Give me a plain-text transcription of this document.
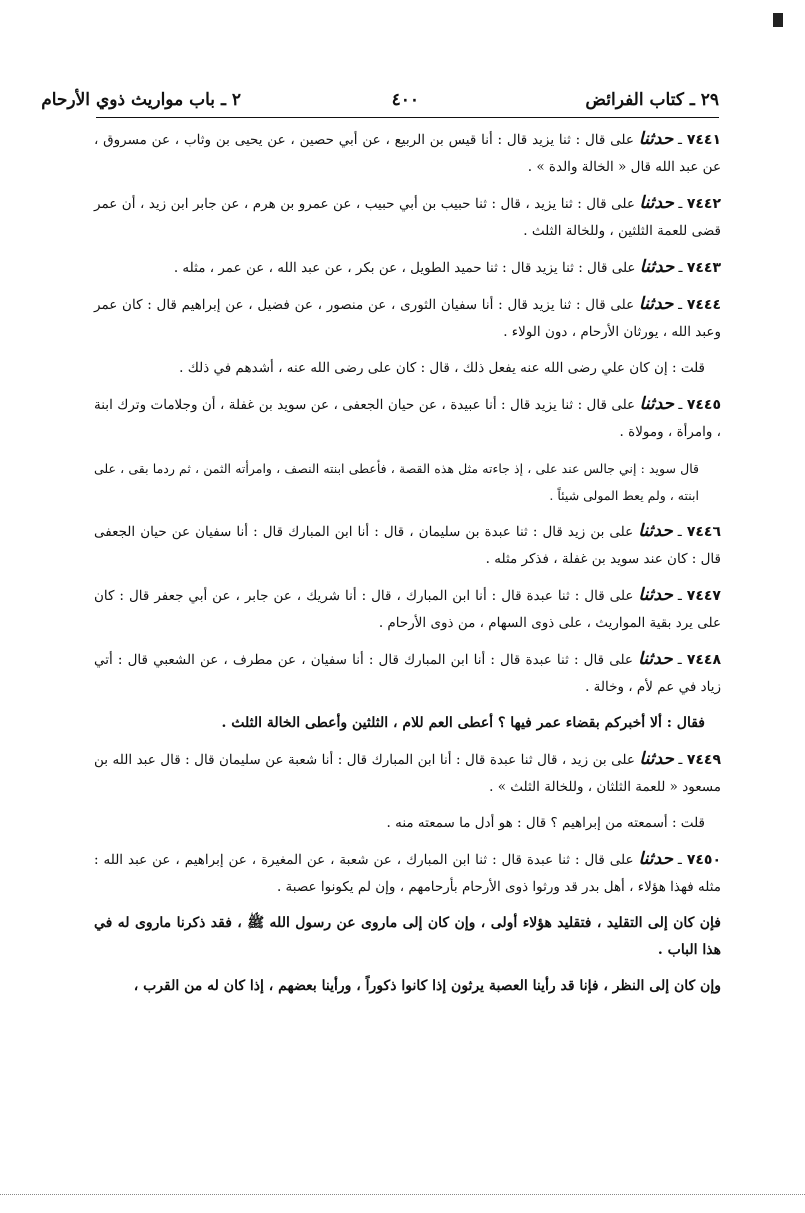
٢٩ ـ كتاب الفرائض
٤٠٠
٢ ـ باب مواريث ذوي الأرحام

٧٤٤١ ـ حدثنا على قال : ثنا يزيد قال : أنا قيس بن الربيع ، عن أبي حصين ، عن يحيى بن وثاب ، عن مسروق ، عن عبد الله قال « الخالة والدة » .

٧٤٤٢ ـ حدثنا على قال : ثنا يزيد ، قال : ثنا حبيب بن أبي حبيب ، عن عمرو بن هرم ، عن جابر ابن زيد ، أن عمر قضى للعمة الثلثين ، وللخالة الثلث .

٧٤٤٣ ـ حدثنا على قال : ثنا يزيد قال : ثنا حميد الطويل ، عن بكر ، عن عبد الله ، عن عمر ، مثله .

٧٤٤٤ ـ حدثنا على قال : ثنا يزيد قال : أنا سفيان الثورى ، عن منصور ، عن فضيل ، عن إبراهيم قال : كان عمر وعبد الله ، يورثان الأرحام ، دون الولاء .

قلت : إن كان علي رضى الله عنه يفعل ذلك ، قال : كان على رضى الله عنه ، أشدهم في ذلك .

٧٤٤٥ ـ حدثنا على قال : ثنا يزيد قال : أنا عبيدة ، عن حيان الجعفى ، عن سويد بن غفلة ، أن وجلامات وترك ابنة ، وامرأة ، ومولاة .

قال سويد : إني جالس عند على ، إذ جاءته مثل هذه القصة ، فأعطى ابنته النصف ، وامرأته الثمن ، ثم ردما بقى ، على ابنته ، ولم يعط المولى شيئاً .

٧٤٤٦ ـ حدثنا على بن زيد قال : ثنا عبدة بن سليمان ، قال : أنا ابن المبارك قال : أنا سفيان عن حيان الجعفى قال : كان عند سويد بن غفلة ، فذكر مثله .

٧٤٤٧ ـ حدثنا على قال : ثنا عبدة قال : أنا ابن المبارك ، قال : أنا شريك ، عن جابر ، عن أبي جعفر قال : كان على يرد بقية المواريث ، على ذوى السهام ، من ذوى الأرحام .

٧٤٤٨ ـ حدثنا على قال : ثنا عبدة قال : أنا ابن المبارك قال : أنا سفيان ، عن مطرف ، عن الشعبي قال : أتي زياد في عم لأم ، وخالة .

فقال : ألا أخبركم بقضاء عمر فيها ؟ أعطى العم للام ، الثلثين وأعطى الخالة الثلث .

٧٤٤٩ ـ حدثنا على بن زيد ، قال ثنا عبدة قال : أنا ابن المبارك قال : أنا شعبة عن سليمان قال : قال عبد الله بن مسعود « للعمة الثلثان ، وللخالة الثلث » .

قلت : أسمعته من إبراهيم ؟ قال : هو أدل ما سمعته منه .

٧٤٥٠ ـ حدثنا على قال : ثنا عبدة قال : ثنا ابن المبارك ، عن شعبة ، عن المغيرة ، عن إبراهيم ، عن عبد الله : مثله فهذا هؤلاء ، أهل بدر قد ورثوا ذوى الأرحام بأرحامهم ، وإن لم يكونوا عصبة .

فإن كان إلى التقليد ، فتقليد هؤلاء أولى ، وإن كان إلى ماروى عن رسول الله ﷺ ، فقد ذكرنا ماروى له في هذا الباب .

وإن كان إلى النظر ، فإنا قد رأينا العصبة يرثون إذا كانوا ذكوراً ، ورأينا بعضهم ، إذا كان له من القرب ،
